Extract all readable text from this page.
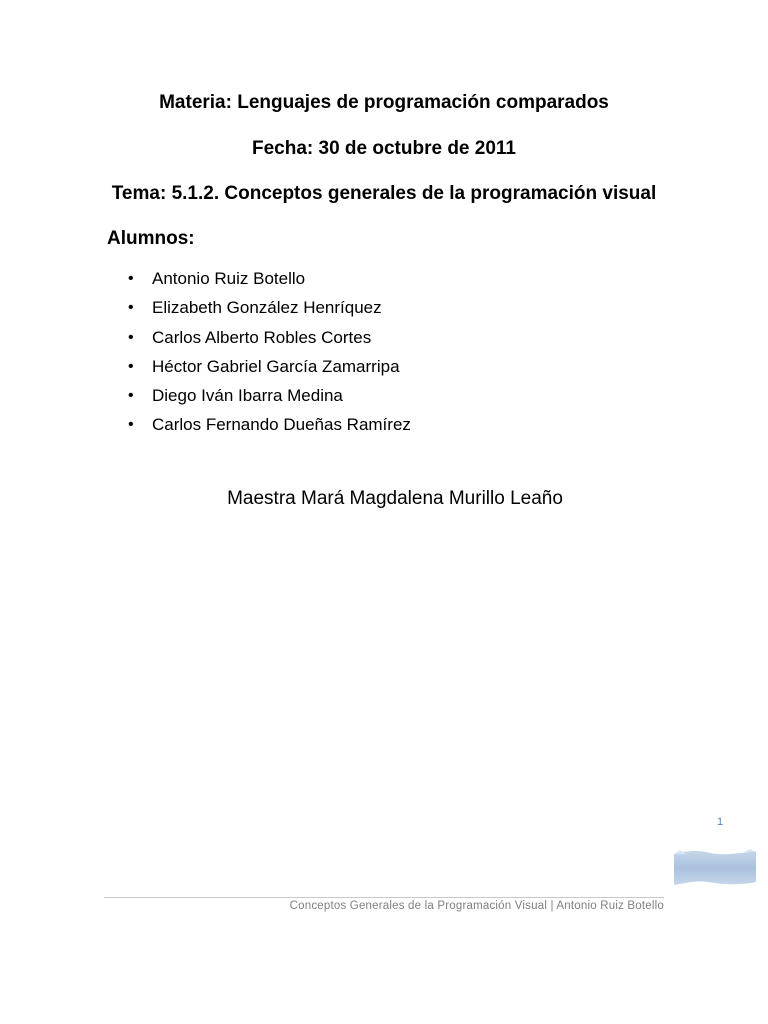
Materia: Lenguajes de programación comparados
Fecha: 30 de octubre de 2011
Tema: 5.1.2. Conceptos generales de la programación visual
Alumnos:
•	Antonio Ruiz Botello
•	Elizabeth González Henríquez
•	Carlos Alberto Robles Cortes
•	Héctor Gabriel García Zamarripa
•	Diego Iván Ibarra Medina
•	Carlos Fernando Dueñas Ramírez
Maestra Mará Magdalena Murillo Leaño
1
Conceptos Generales de la Programación Visual | Antonio Ruiz Botello
